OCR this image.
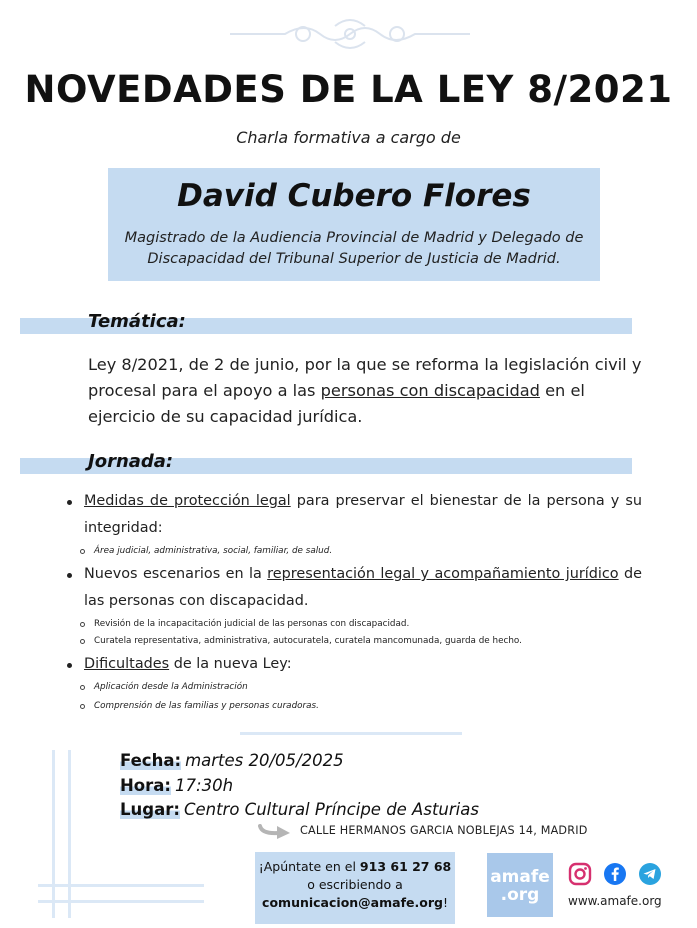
NOVEDADES DE LA LEY 8/2021
Charla formativa a cargo de
David Cubero Flores
Magistrado de la Audiencia Provincial de Madrid y Delegado de
Discapacidad del Tribunal Superior de Justicia de Madrid.
Temática:
Ley 8/2021, de 2 de junio, por la que se reforma la legislación civil y procesal para el apoyo a las personas con discapacidad en el ejercicio de su capacidad jurídica.
Jornada:
Medidas de protección legal para preservar el bienestar de la persona y su integridad:
Área judicial, administrativa, social, familiar, de salud.
Nuevos escenarios en la representación legal y acompañamiento jurídico de las personas con discapacidad.
Revisión de la incapacitación judicial de las personas con discapacidad.
Curatela representativa, administrativa, autocuratela, curatela mancomunada, guarda de hecho.
Dificultades de la nueva Ley:
Aplicación desde la Administración
Comprensión de las familias y personas curadoras.
Fecha: martes 20/05/2025
Hora: 17:30h
Lugar: Centro Cultural Príncipe de Asturias
CALLE HERMANOS GARCIA NOBLEJAS 14, MADRID
¡Apúntate en el 913 61 27 68
o escribiendo a
comunicacion@amafe.org!
amafe
.org
	www.amafe.org
